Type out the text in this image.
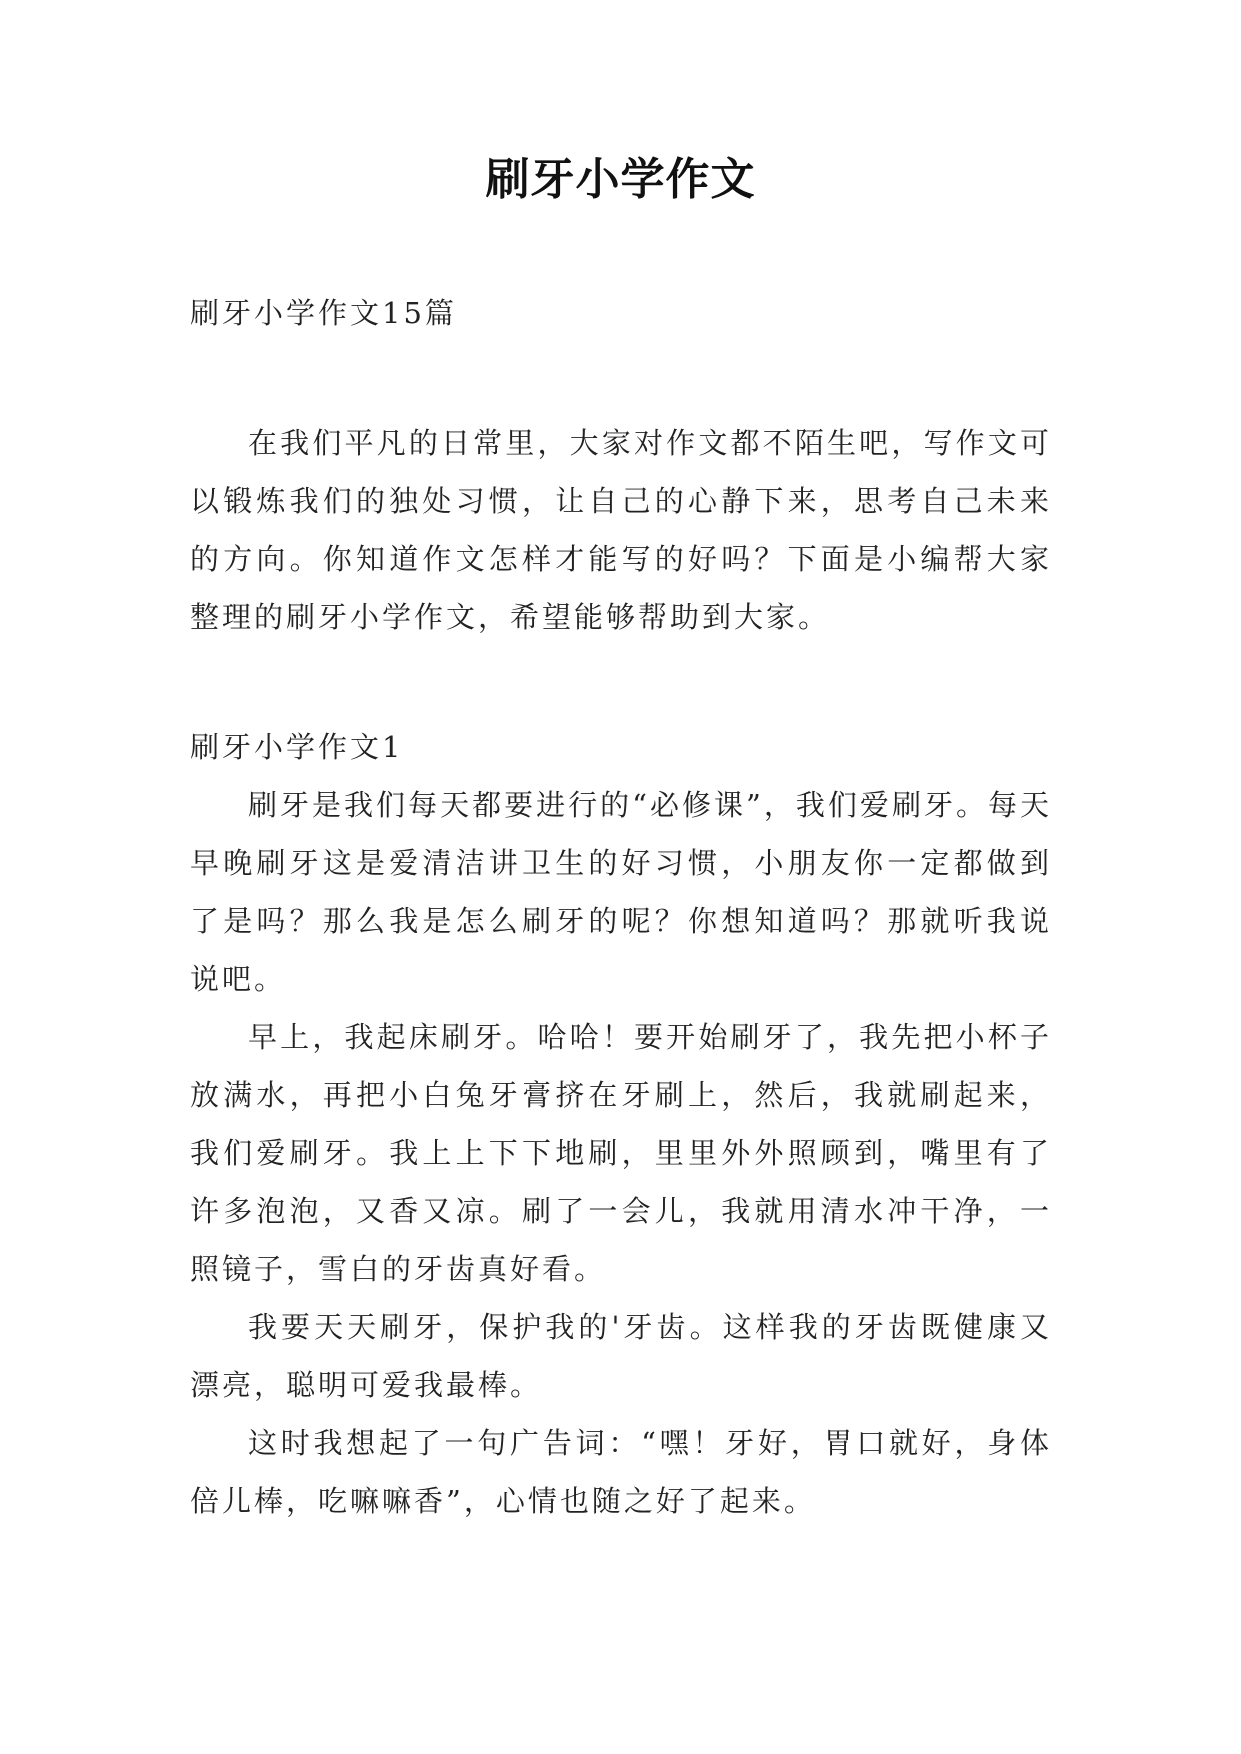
刷牙小学作文

刷牙小学作文15篇

在我们平凡的日常里，大家对作文都不陌生吧，写作文可以锻炼我们的独处习惯，让自己的心静下来，思考自己未来的方向。你知道作文怎样才能写的好吗？下面是小编帮大家整理的刷牙小学作文，希望能够帮助到大家。

刷牙小学作文1

刷牙是我们每天都要进行的“必修课”，我们爱刷牙。每天早晚刷牙这是爱清洁讲卫生的好习惯，小朋友你一定都做到了是吗？那么我是怎么刷牙的呢？你想知道吗？那就听我说说吧。

早上，我起床刷牙。哈哈！要开始刷牙了，我先把小杯子放满水，再把小白兔牙膏挤在牙刷上，然后，我就刷起来，我们爱刷牙。我上上下下地刷，里里外外照顾到，嘴里有了许多泡泡，又香又凉。刷了一会儿，我就用清水冲干净，一照镜子，雪白的牙齿真好看。

我要天天刷牙，保护我的'牙齿。这样我的牙齿既健康又漂亮，聪明可爱我最棒。

这时我想起了一句广告词：“嘿！牙好，胃口就好，身体倍儿棒，吃嘛嘛香”，心情也随之好了起来。
